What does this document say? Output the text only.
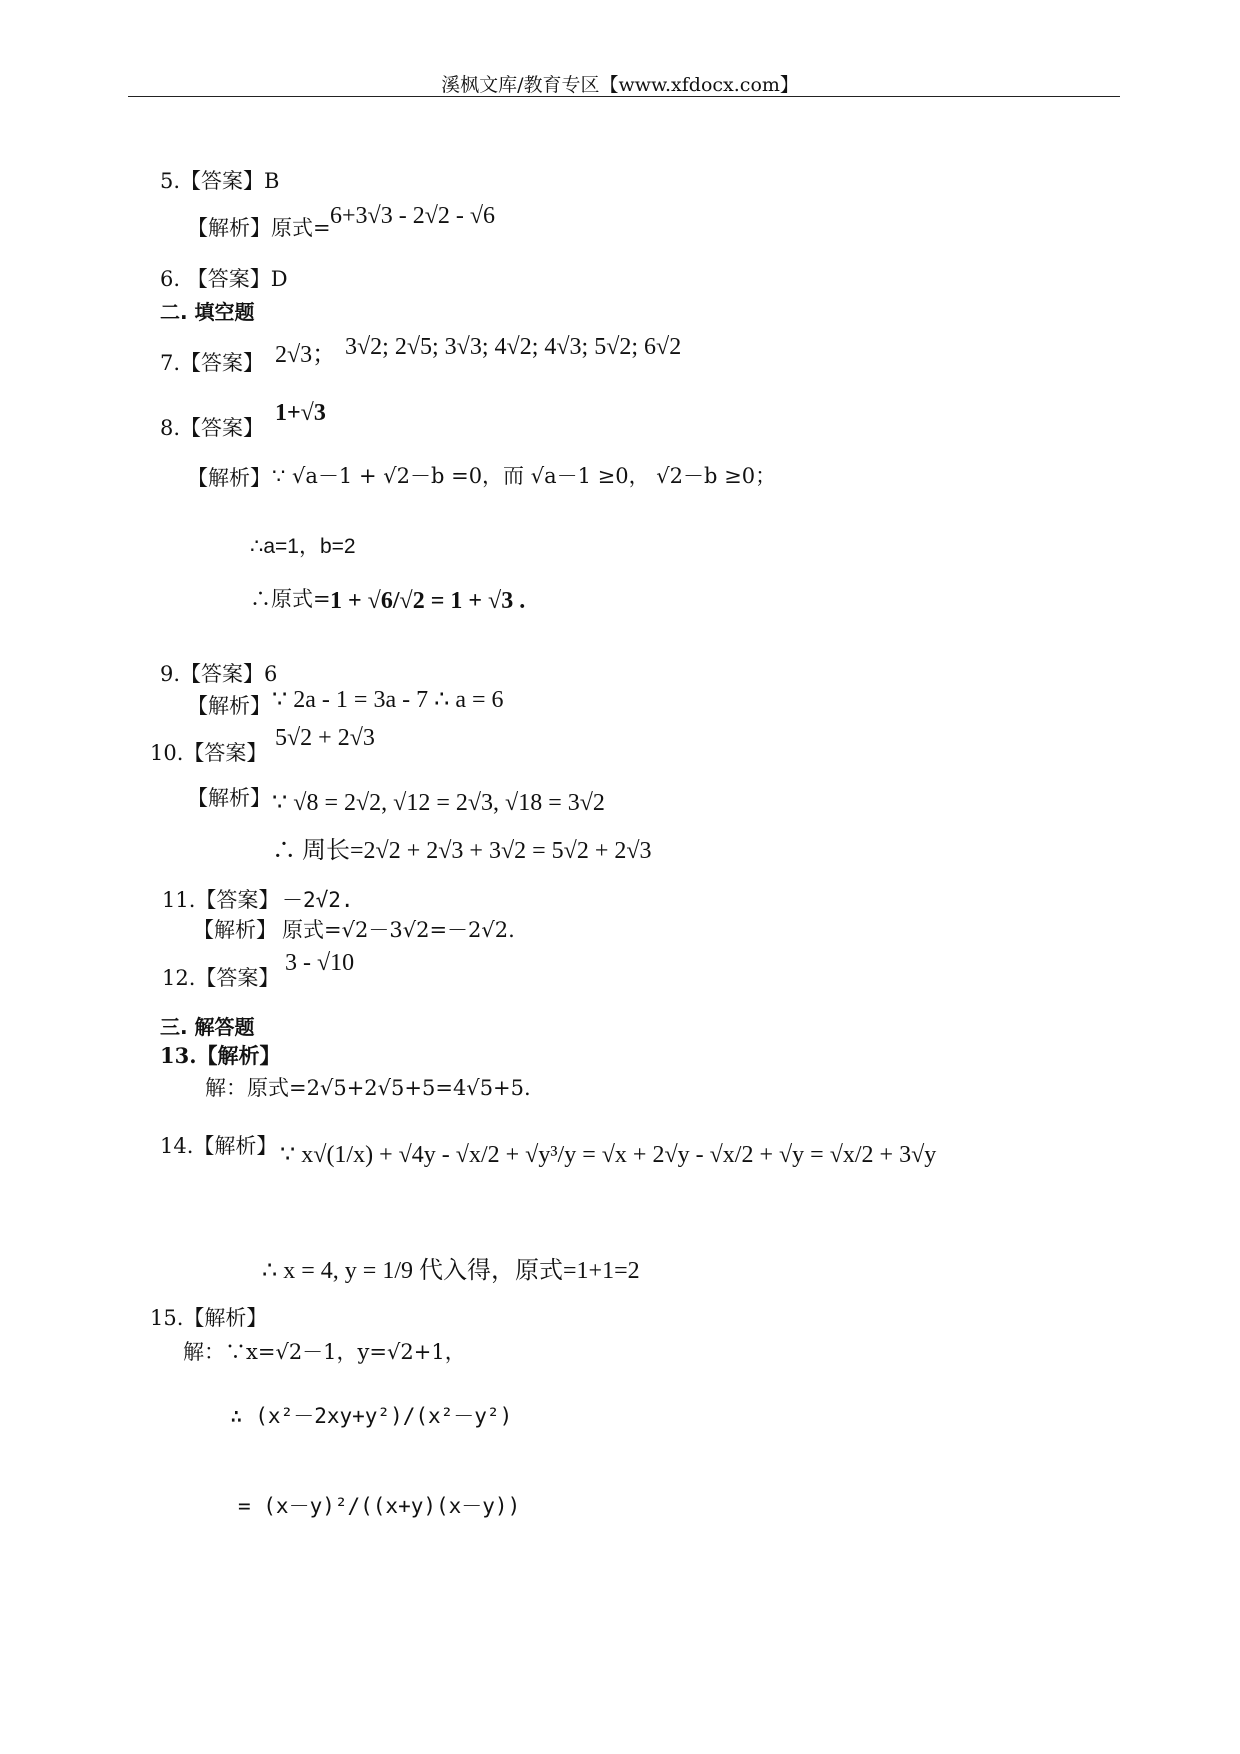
溪枫文库/教育专区【www.xfdocx.com】
5.【答案】B
【解析】原式= 6+3√3 - 2√2 - √6
6. 【答案】D
二. 填空题
7.【答案】 2√3； 3√2; 2√5; 3√3; 4√2; 4√3; 5√2; 6√2
8.【答案】
1+√3
【解析】 ∵ √a－1 + √2－b =0，而 √a－1 ≥0， √2－b ≥0；
∴a=1，b=2
∴原式= 1 + √6/√2 = 1 + √3 .
9.【答案】6
【解析】 ∵ 2a - 1 = 3a - 7 ∴ a = 6
10.【答案】
5√2 + 2√3
【解析】 ∵ √8 = 2√2, √12 = 2√3, √18 = 3√2
∴ 周长=2√2 + 2√3 + 3√2 = 5√2 + 2√3
11.【答案】 －2√2.
【解析】 原式=√2－3√2=－2√2.
12.【答案】
3 - √10
三. 解答题
13.【解析】
解：原式=2√5+2√5+5=4√5+5.
14.【解析】 ∵ x√(1/x) + √4y - √x/2 + √y³/y = √x + 2√y - √x/2 + √y = √x/2 + 3√y
∴ x = 4, y = 1/9 代入得，原式=1+1=2
15.【解析】
解：∵x=√2－1，y=√2+1，
∴ (x²－2xy+y²)/(x²－y²)
= (x－y)²/((x+y)(x－y))
